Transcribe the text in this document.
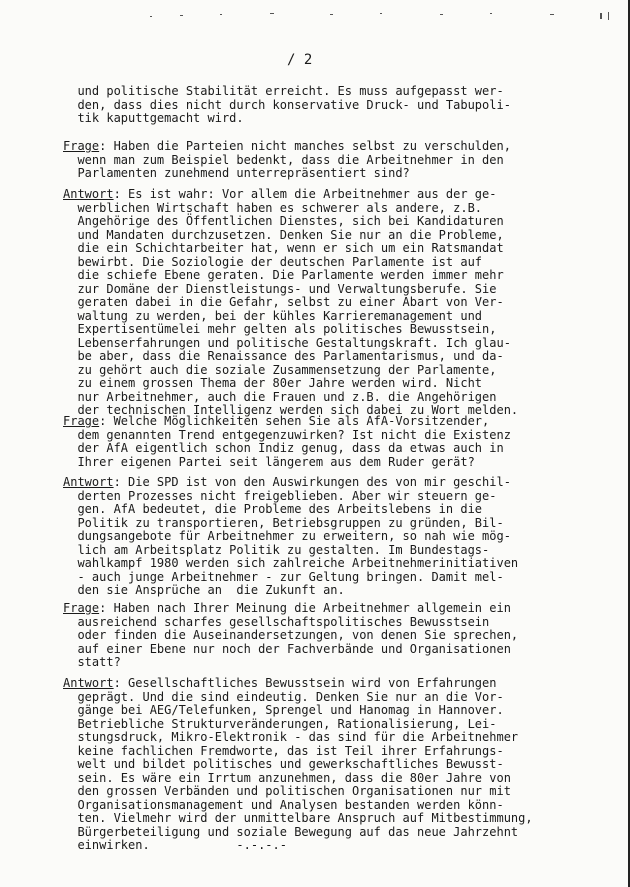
/ 2
und politische Stabilität erreicht. Es muss aufgepasst wer-
den, dass dies nicht durch konservative Druck- und Tabupoli-
tik kaputtgemacht wird.
Frage: Haben die Parteien nicht manches selbst zu verschulden,
wenn man zum Beispiel bedenkt, dass die Arbeitnehmer in den
Parlamenten zunehmend unterrepräsentiert sind?
Antwort: Es ist wahr: Vor allem die Arbeitnehmer aus der ge-
werblichen Wirtschaft haben es schwerer als andere, z.B.
Angehörige des Öffentlichen Dienstes, sich bei Kandidaturen
und Mandaten durchzusetzen. Denken Sie nur an die Probleme,
die ein Schichtarbeiter hat, wenn er sich um ein Ratsmandat
bewirbt. Die Soziologie der deutschen Parlamente ist auf
die schiefe Ebene geraten. Die Parlamente werden immer mehr
zur Domäne der Dienstleistungs- und Verwaltungsberufe. Sie
geraten dabei in die Gefahr, selbst zu einer Abart von Ver-
waltung zu werden, bei der kühles Karrieremanagement und
Expertisentümelei mehr gelten als politisches Bewusstsein,
Lebenserfahrungen und politische Gestaltungskraft. Ich glau-
be aber, dass die Renaissance des Parlamentarismus, und da-
zu gehört auch die soziale Zusammensetzung der Parlamente,
zu einem grossen Thema der 80er Jahre werden wird. Nicht
nur Arbeitnehmer, auch die Frauen und z.B. die Angehörigen
der technischen Intelligenz werden sich dabei zu Wort melden.
Frage: Welche Möglichkeiten sehen Sie als AfA-Vorsitzender,
dem genannten Trend entgegenzuwirken? Ist nicht die Existenz
der AfA eigentlich schon Indiz genug, dass da etwas auch in
Ihrer eigenen Partei seit längerem aus dem Ruder gerät?
Antwort: Die SPD ist von den Auswirkungen des von mir geschil-
derten Prozesses nicht freigeblieben. Aber wir steuern ge-
gen. AfA bedeutet, die Probleme des Arbeitslebens in die
Politik zu transportieren, Betriebsgruppen zu gründen, Bil-
dungsangebote für Arbeitnehmer zu erweitern, so nah wie mög-
lich am Arbeitsplatz Politik zu gestalten. Im Bundestags-
wahlkampf 1980 werden sich zahlreiche Arbeitnehmerinitiativen
- auch junge Arbeitnehmer - zur Geltung bringen. Damit mel-
den sie Ansprüche an  die Zukunft an.
Frage: Haben nach Ihrer Meinung die Arbeitnehmer allgemein ein
ausreichend scharfes gesellschaftspolitisches Bewusstsein
oder finden die Auseinandersetzungen, von denen Sie sprechen,
auf einer Ebene nur noch der Fachverbände und Organisationen
statt?
Antwort: Gesellschaftliches Bewusstsein wird von Erfahrungen
geprägt. Und die sind eindeutig. Denken Sie nur an die Vor-
gänge bei AEG/Telefunken, Sprengel und Hanomag in Hannover.
Betriebliche Strukturveränderungen, Rationalisierung, Lei-
stungsdruck, Mikro-Elektronik - das sind für die Arbeitnehmer
keine fachlichen Fremdworte, das ist Teil ihrer Erfahrungs-
welt und bildet politisches und gewerkschaftliches Bewusst-
sein. Es wäre ein Irrtum anzunehmen, dass die 80er Jahre von
den grossen Verbänden und politischen Organisationen nur mit
Organisationsmanagement und Analysen bestanden werden könn-
ten. Vielmehr wird der unmittelbare Anspruch auf Mitbestimmung,
Bürgerbeteiligung und soziale Bewegung auf das neue Jahrzehnt
einwirken.            -.-.-.-
